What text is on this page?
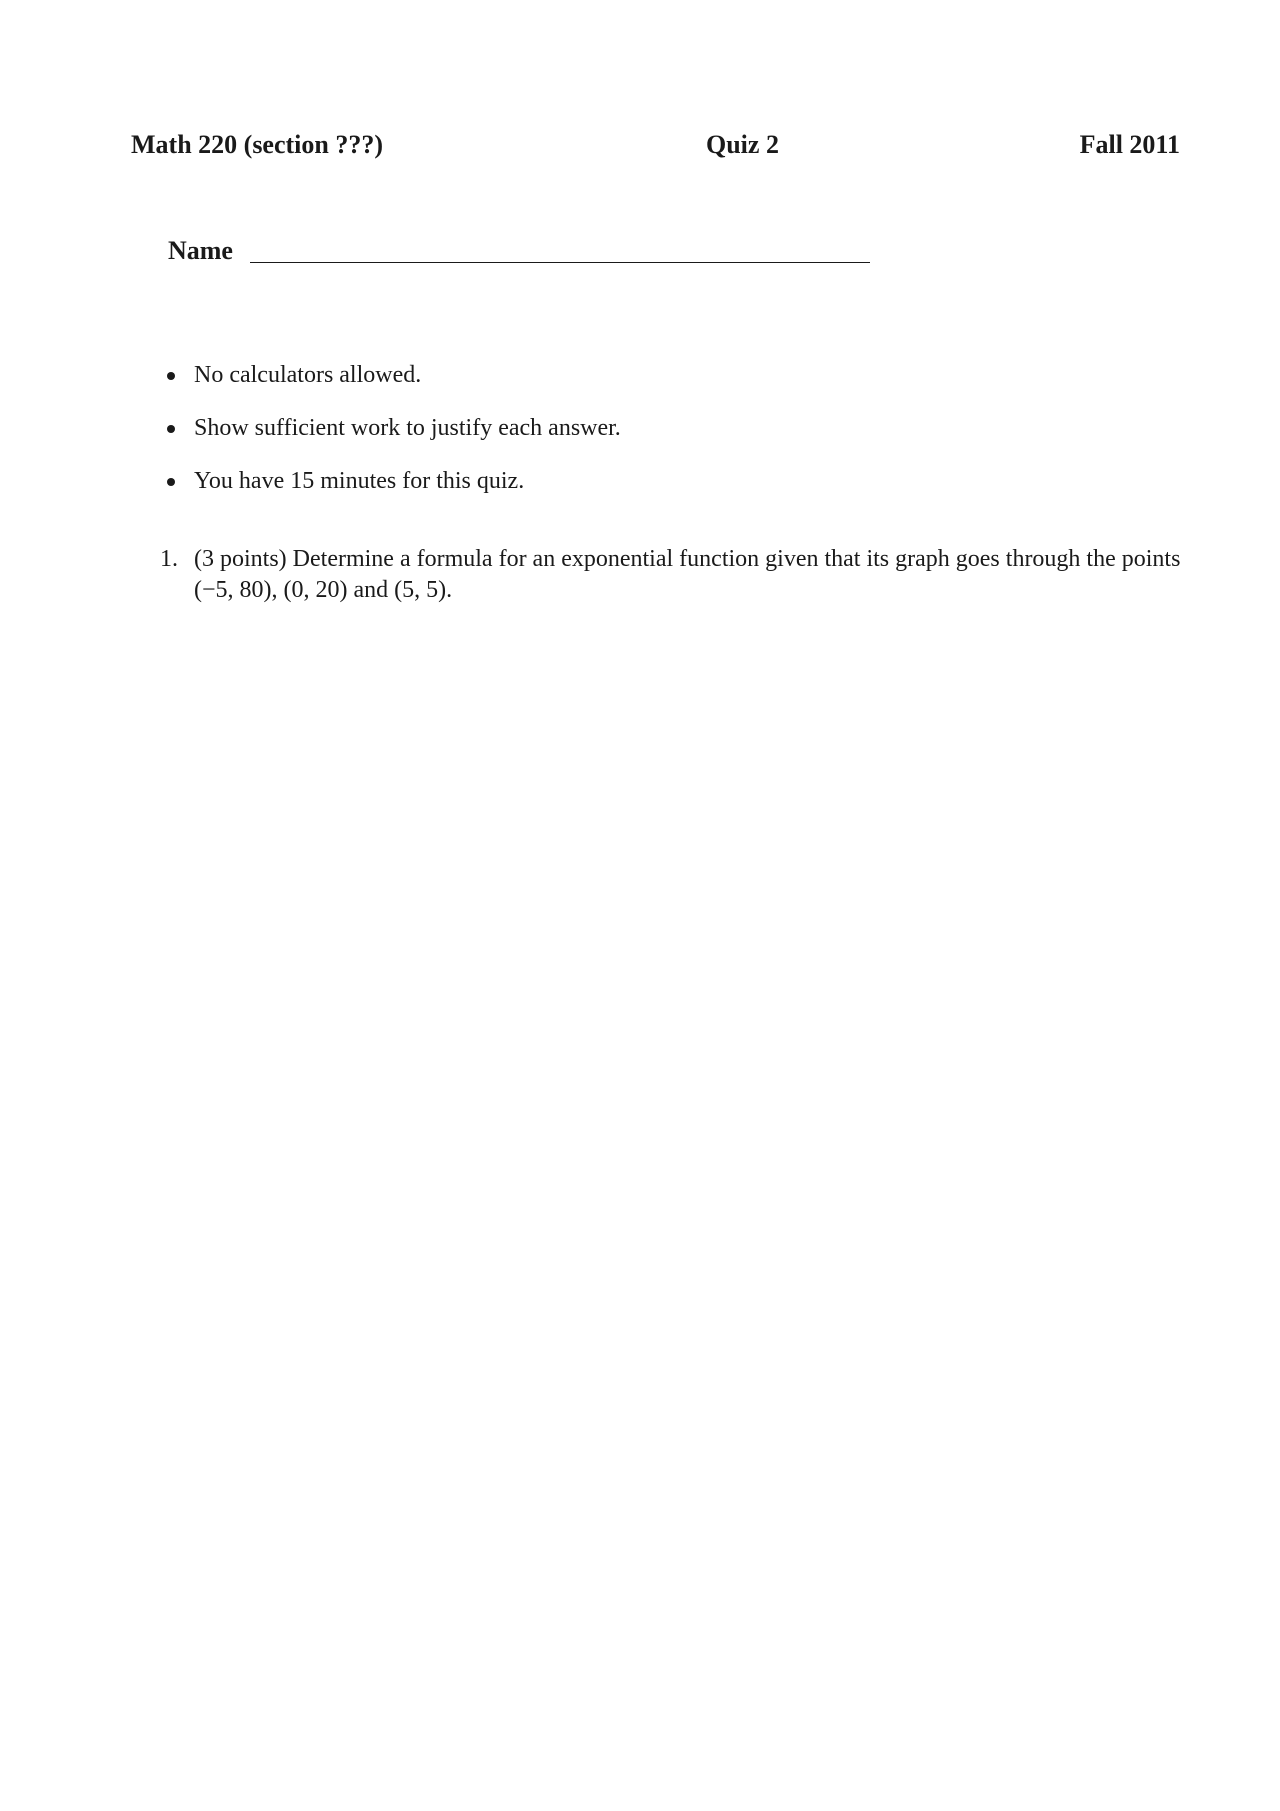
Math 220 (section ???)	Quiz 2	Fall 2011
Name
No calculators allowed.
Show sufficient work to justify each answer.
You have 15 minutes for this quiz.
1. (3 points) Determine a formula for an exponential function given that its graph goes through the points (−5, 80), (0, 20) and (5, 5).
